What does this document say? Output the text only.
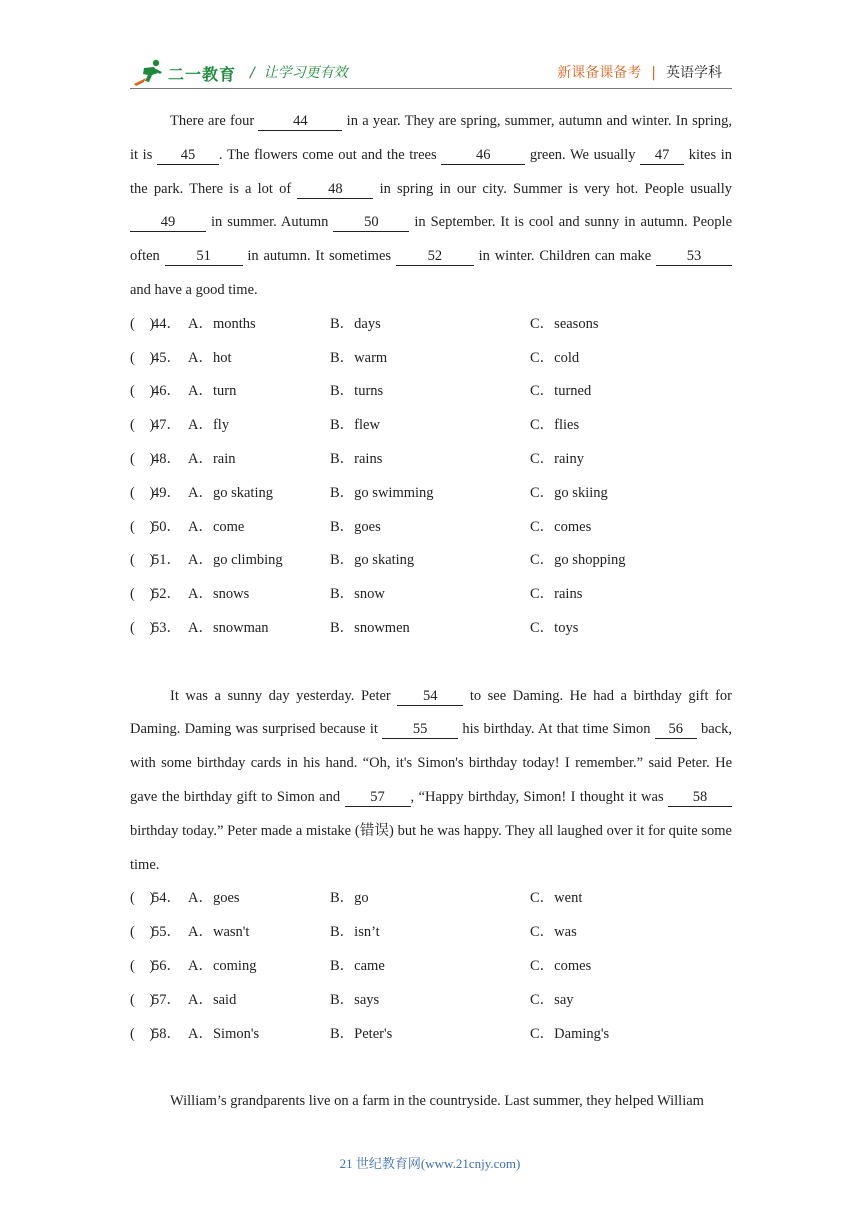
二一教育 /  让学习更有效	新课备课备考 | 英语学科

There are four 44 in a year. They are spring, summer, autumn and winter. In spring, it is 45 . The flowers come out and the trees 46 green. We usually 47 kites in the park. There is a lot of 48 in spring in our city. Summer is very hot. People usually 49 in summer. Autumn 50 in September. It is cool and sunny in autumn. People often 51 in autumn. It sometimes 52 in winter. Children can make 53 and have a good time.

(    )
44． A．months	B．days	C．seasons
(    )
45． A．hot	B．warm	C．cold
(    )
46． A．turn	B．turns	C．turned
(    )
47． A．fly	B．flew	C．flies
(    )
48． A．rain	B．rains	C．rainy
(    )
49． A．go skating	B．go swimming	C．go skiing
(    )
50． A．come	B．goes	C．comes
(    )
51． A．go climbing	B．go skating	C．go shopping
(    )
52． A．snows	B．snow	C．rains
(    )
53． A．snowman	B．snowmen	C．toys

It was a sunny day yesterday. Peter 54 to see Daming. He had a birthday gift for Daming. Daming was surprised because it 55 his birthday. At that time Simon 56 back, with some birthday cards in his hand. “Oh, it's Simon's birthday today! I remember.” said Peter. He gave the birthday gift to Simon and 57 , “Happy birthday, Simon! I thought it was 58 birthday today.” Peter made a mistake (错误) but he was happy. They all laughed over it for quite some time.

(    )
54． A．goes	B．go	C．went
(    )
55． A．wasn't	B．isn’t	C．was
(    )
56． A．coming	B．came	C．comes
(    )
57． A．said	B．says	C．say
(    )
58． A．Simon's	B．Peter's	C．Daming's

William’s grandparents live on a farm in the countryside. Last summer, they helped William

21 世纪教育网(www.21cnjy.com)
